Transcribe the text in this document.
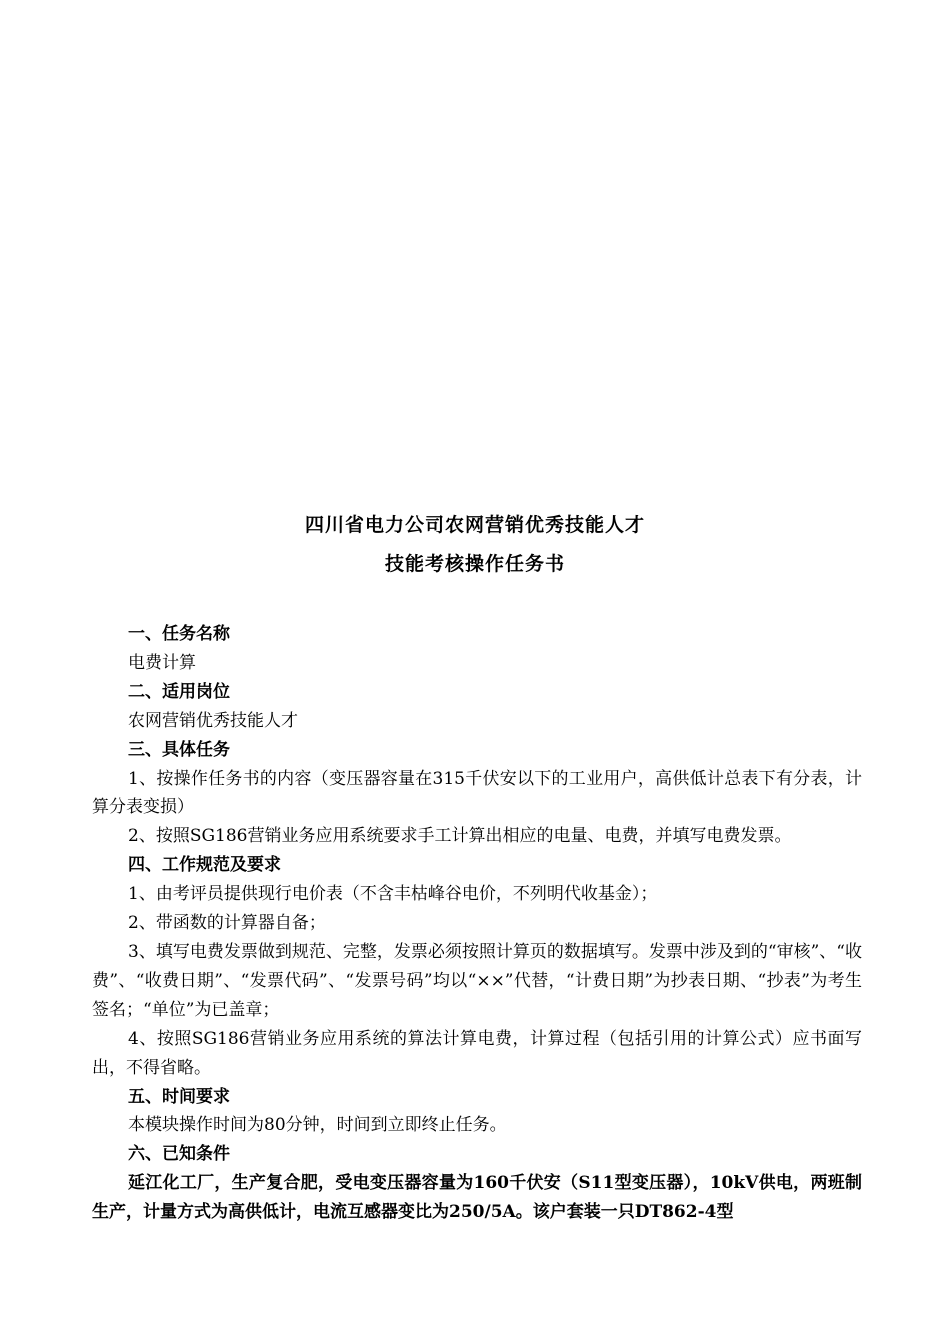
四川省电力公司农网营销优秀技能人才
技能考核操作任务书
一、任务名称
电费计算
二、适用岗位
农网营销优秀技能人才
三、具体任务
1、按操作任务书的内容（变压器容量在315千伏安以下的工业用户，高供低计总表下有分表，计算分表变损）
2、按照SG186营销业务应用系统要求手工计算出相应的电量、电费，并填写电费发票。
四、工作规范及要求
1、由考评员提供现行电价表（不含丰枯峰谷电价，不列明代收基金）；
2、带函数的计算器自备；
3、填写电费发票做到规范、完整，发票必须按照计算页的数据填写。发票中涉及到的“审核”、“收费”、“收费日期”、“发票代码”、“发票号码”均以“××”代替，“计费日期”为抄表日期、“抄表”为考生签名；“单位”为已盖章；
4、按照SG186营销业务应用系统的算法计算电费，计算过程（包括引用的计算公式）应书面写出，不得省略。
五、时间要求
本模块操作时间为80分钟，时间到立即终止任务。
六、已知条件
延江化工厂，生产复合肥，受电变压器容量为160千伏安（S11型变压器），10kV供电，两班制生产，计量方式为高供低计，电流互感器变比为250/5A。该户套装一只DT862-4型
